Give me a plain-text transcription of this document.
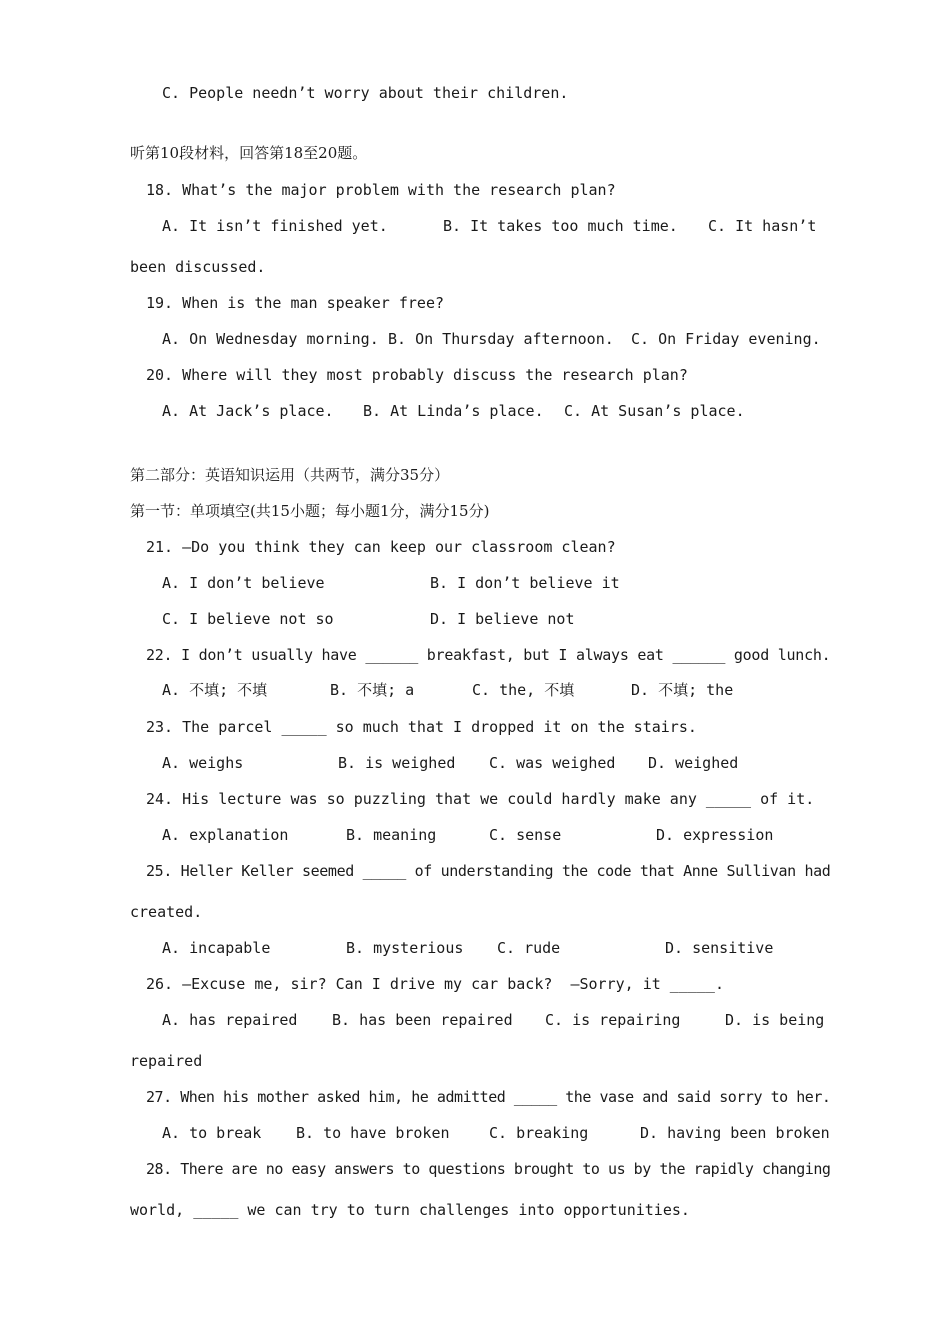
C. People needn’t worry about their children.
听第10段材料，回答第18至20题。
18. What’s the major problem with the research plan?
A. It isn’t finished yet.	B. It takes too much time. C. It hasn’t
been discussed.
19. When is the man speaker free?
A. On Wednesday morning. B. On Thursday afternoon. C. On Friday evening.
20. Where will they most probably discuss the research plan?
A. At Jack’s place. B. At Linda’s place. C. At Susan’s place.
第二部分：英语知识运用（共两节，满分35分）
第一节：单项填空(共15小题；每小题1分，满分15分)
21. —Do you think they can keep our classroom clean?
A. I don’t believe	B. I don’t believe it
C. I believe not so	D. I believe not
22. I don’t usually have ______ breakfast, but I always eat ______ good lunch.
A. 不填; 不填	B. 不填; a	C. the, 不填	D. 不填; the
23. The parcel _____ so much that I dropped it on the stairs.
A. weighs	B. is weighed C. was weighed D. weighed
24. His lecture was so puzzling that we could hardly make any _____ of it.
A. explanation	B. meaning	C. sense	D. expression
25. Heller Keller seemed _____ of understanding the code that Anne Sullivan had
created.
A. incapable	B. mysterious C. rude	D. sensitive
26. —Excuse me, sir? Can I drive my car back?  —Sorry, it _____.
A. has repaired B. has been repaired C. is repairing	D. is being
repaired
27. When his mother asked him, he admitted _____ the vase and said sorry to her.
A. to break B. to have broken	C. breaking	D. having been broken
28. There are no easy answers to questions brought to us by the rapidly changing
world, _____ we can try to turn challenges into opportunities.
